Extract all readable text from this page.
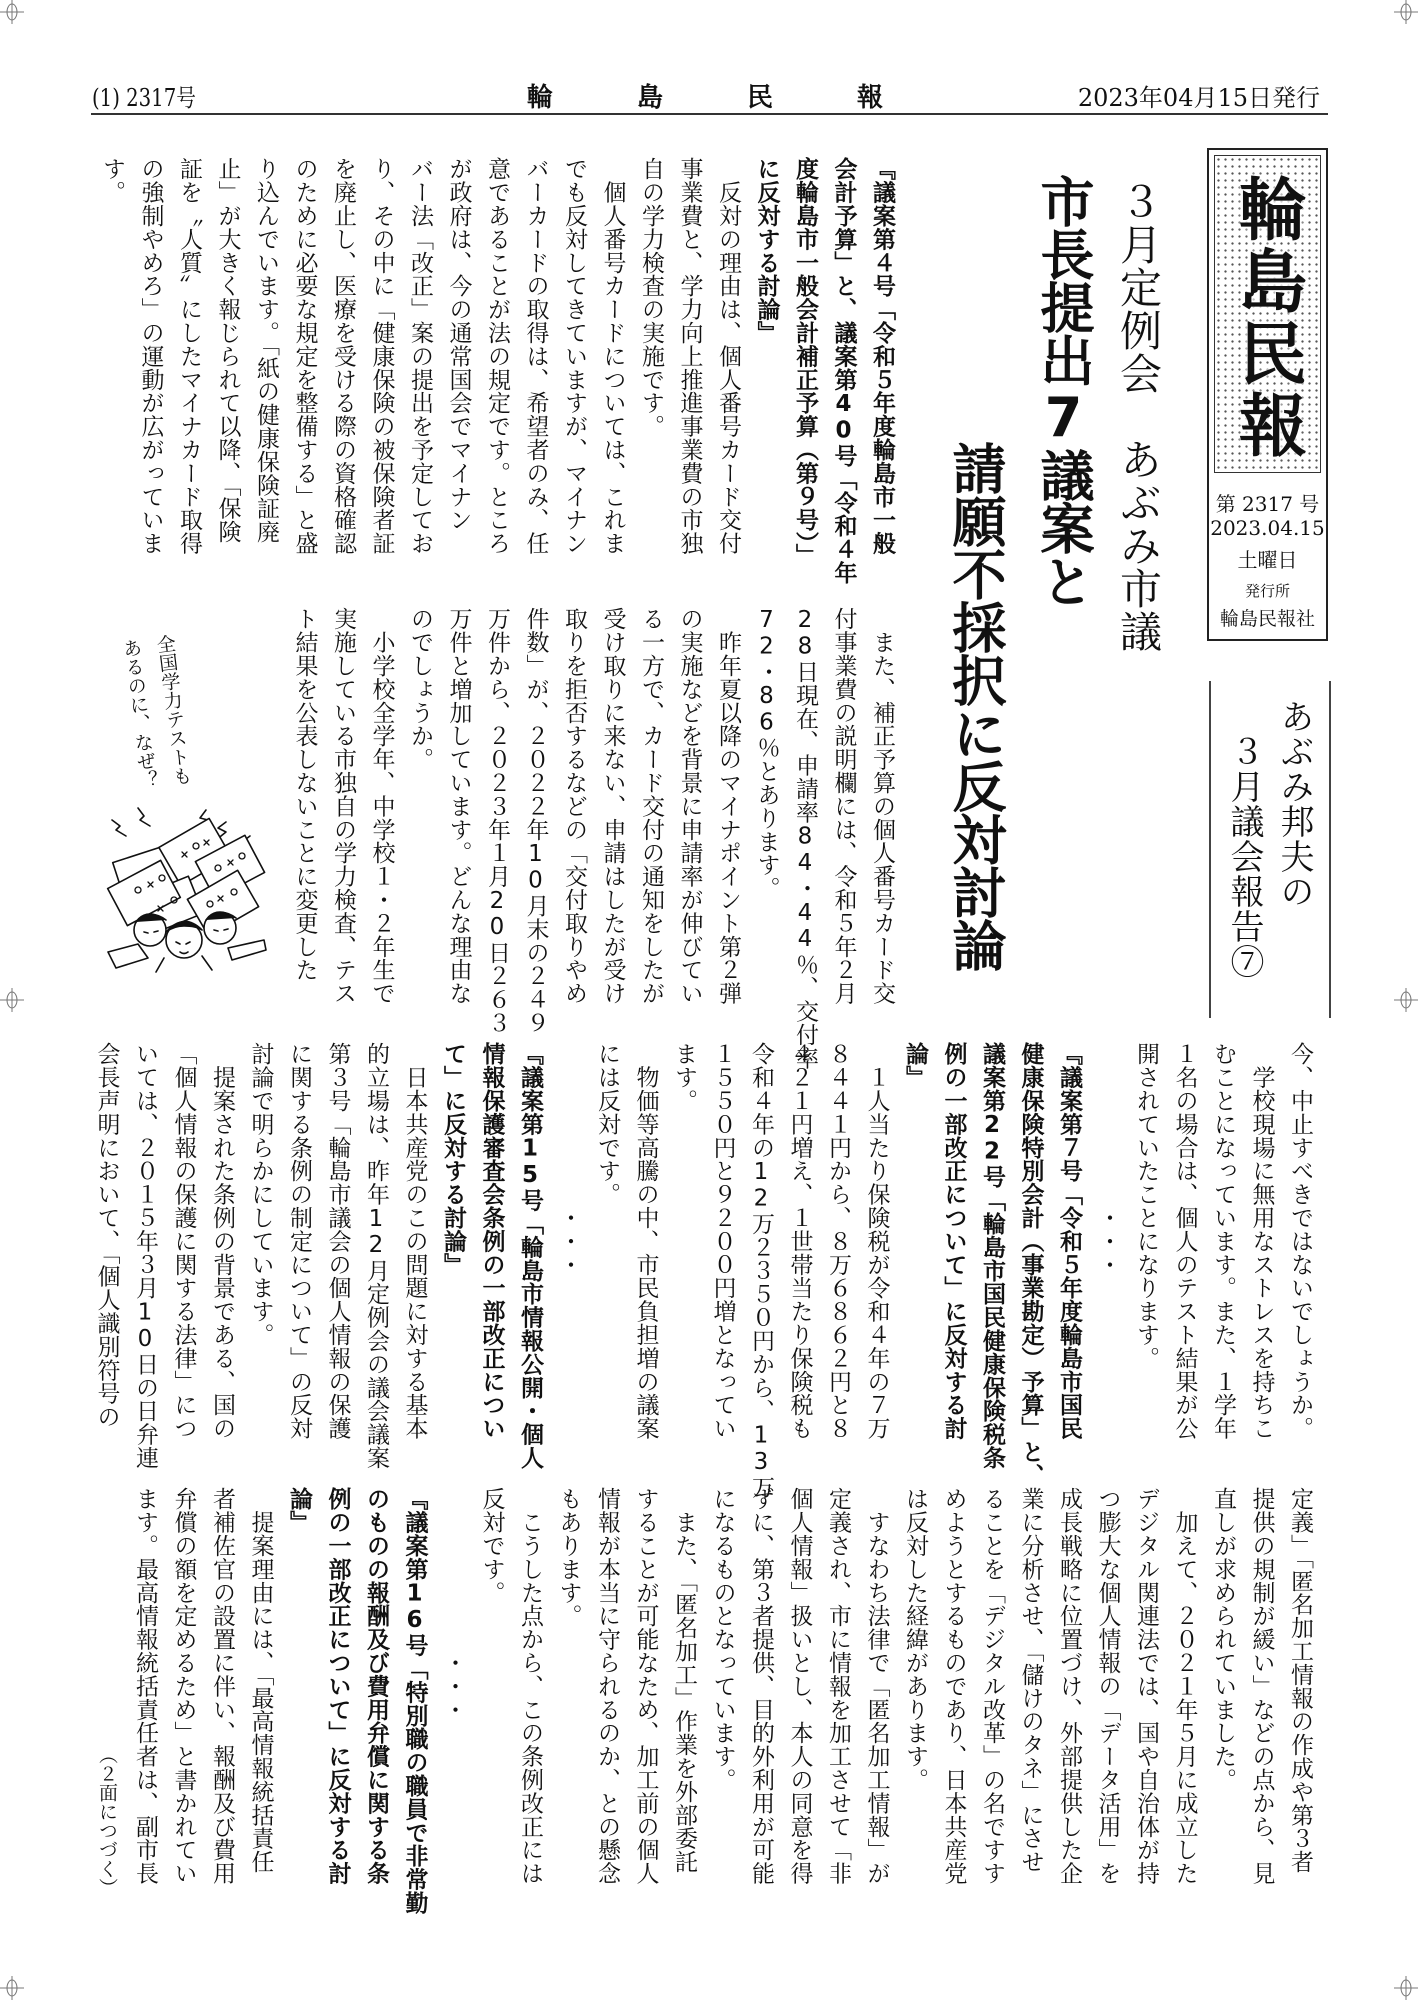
(1) 2317号	輪島民報	2023年04月15日発行
輪島民報
第 2317 号
2023.04.15
土曜日
発行所
輪島民報社
あぶみ邦夫の
３月議会報告⑦
３月定例会　あぶみ市議
市長提出7議案と
請願不採択に反対討論
『議案第４号「令和５年度輪島市一般
会計予算」と、議案第40号「令和４年
度輪島市一般会計補正予算（第９号）」
に反対する討論』
　反対の理由は、個人番号カード交付
事業費と、学力向上推進事業費の市独
自の学力検査の実施です。
　個人番号カードについては、これま
でも反対してきていますが、マイナン
バーカードの取得は、希望者のみ、任
意であることが法の規定です。ところ
が政府は、今の通常国会でマイナン
バー法「改正」案の提出を予定してお
り、その中に「健康保険の被保険者証
を廃止し、医療を受ける際の資格確認
のために必要な規定を整備する」と盛
り込んでいます。「紙の健康保険証廃
止」が大きく報じられて以降、「保険
証を〝人質〟にしたマイナカード取得
の強制やめろ」の運動が広がっていま
す。
　また、補正予算の個人番号カード交
付事業費の説明欄には、令和５年２月
28日現在、申請率84・44％、交付率
72・86％とあります。
　昨年夏以降のマイナポイント第２弾
の実施などを背景に申請率が伸びてい
る一方で、カード交付の通知をしたが
受け取りに来ない、申請はしたが受け
取りを拒否するなどの「交付取りやめ
件数」が、２０２２年10月末の２４９
万件から、２０２３年１月20日２６３
万件と増加しています。どんな理由な
のでしょうか。
　小学校全学年、中学校１・２年生で
実施している市独自の学力検査、テス
ト結果を公表しないことに変更した
今、中止すべきではないでしょうか。
　学校現場に無用なストレスを持ちこ
むことになっています。また、１学年
１名の場合は、個人のテスト結果が公
開されていたことになります。
・・・
『議案第７号「令和５年度輪島市国民
健康保険特別会計（事業勘定）予算」と、
議案第22号「輪島市国民健康保険税条
例の一部改正について」に反対する討
論』
　１人当たり保険税が令和４年の７万
８４４１円から、８万６８６２円と８
４２１円増え、１世帯当たり保険税も
令和４年の12万２３５０円から、13万
１５５０円と９２００円増となってい
ます。
　物価等高騰の中、市民負担増の議案
には反対です。
・・・
『議案第15号「輪島市情報公開・個人
情報保護審査会条例の一部改正につい
て」に反対する討論』
　日本共産党のこの問題に対する基本
的立場は、昨年12月定例会の議会議案
第３号「輪島市議会の個人情報の保護
に関する条例の制定について」の反対
討論で明らかにしています。
　提案された条例の背景である、国の
「個人情報の保護に関する法律」につ
いては、２０１５年３月10日の日弁連
会長声明において、「個人識別符号の
定義」「匿名加工情報の作成や第３者
提供の規制が緩い」などの点から、見
直しが求められていました。
　加えて、２０２１年５月に成立した
デジタル関連法では、国や自治体が持
つ膨大な個人情報の「データ活用」を
成長戦略に位置づけ、外部提供した企
業に分析させ、「儲けのタネ」にさせ
ることを「デジタル改革」の名ですす
めようとするものであり、日本共産党
は反対した経緯があります。
　すなわち法律で「匿名加工情報」が
定義され、市に情報を加工させて「非
個人情報」扱いとし、本人の同意を得
ずに、第３者提供、目的外利用が可能
になるものとなっています。
　また、「匿名加工」作業を外部委託
することが可能なため、加工前の個人
情報が本当に守られるのか、との懸念
もあります。
　こうした点から、この条例改正には
反対です。
・・・
『議案第16号「特別職の職員で非常勤
のものの報酬及び費用弁償に関する条
例の一部改正について」に反対する討
論』
　提案理由には、「最高情報統括責任
者補佐官の設置に伴い、報酬及び費用
弁償の額を定めるため」と書かれてい
ます。最高情報統括責任者は、副市長
（２面につづく）
全国学力テストも
あるのに、なぜ？
